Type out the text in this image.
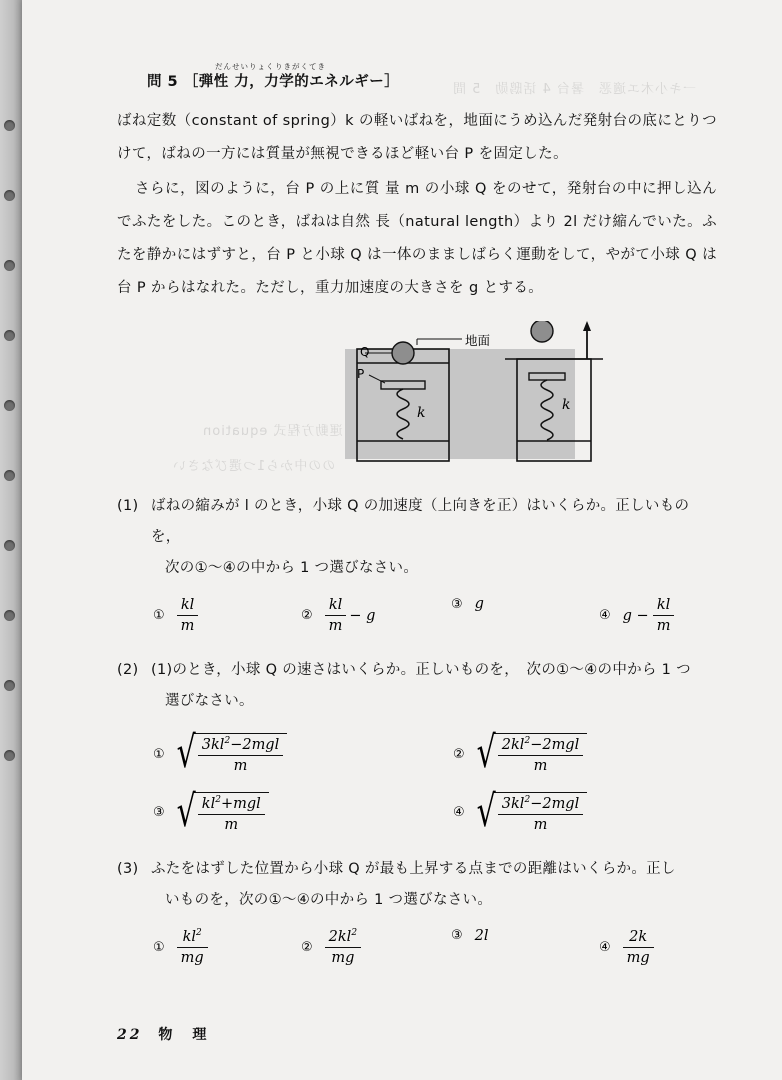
一キ小木エ適恶　暑台 4 话鸱勋　5 間
運動方程式 equation
のの中から1つ選びなさい
だんせいりょく りきがくてき
問 5 ［弾性 力，力学的エネルギー］

ばね定数（constant of spring）k の軽いばねを，地面にうめ込んだ発射台の底にとりつけて，ばねの一方には質量が無視できるほど軽い台 P を固定した。

さらに，図のように，台 P の上に質 量 m の小球 Q をのせて，発射台の中に押し込んでふたをした。このとき，ばねは自然 長（natural length）より 2l だけ縮んでいた。ふたを静かにはずすと，台 P と小球 Q は一体のまましばらく運動をして，やがて小球 Q は台 P からはなれた。ただし，重力加速度の大きさを g とする。

Q
P
地面
k	k
(1) ばねの縮みが l のとき，小球 Q の加速度（上向きを正）はいくらか。正しいものを，
次の①〜④の中から 1 つ選びなさい。
① $\frac{kl}{m}$	② $\frac{kl}{m} - g$
③ g
④ $g - \frac{kl}{m}$
(2) (1)のとき，小球 Q の速さはいくらか。正しいものを，　次の①〜④の中から 1 つ
選びなさい。
① √ $\frac{3kl^2-2mgl}{m}$	② √ $\frac{2kl^2-2mgl}{m}$
③ √ $\frac{kl^2+mgl}{m}$	④ √ $\frac{3kl^2-2mgl}{m}$
(3) ふたをはずした位置から小球 Q が最も上昇する点までの距離はいくらか。正し
いものを，次の①〜④の中から 1 つ選びなさい。
① $\frac{kl^2}{mg}$	② $\frac{2kl^2}{mg}$	③ 2l
④ $\frac{2k}{mg}$
22 物　理
